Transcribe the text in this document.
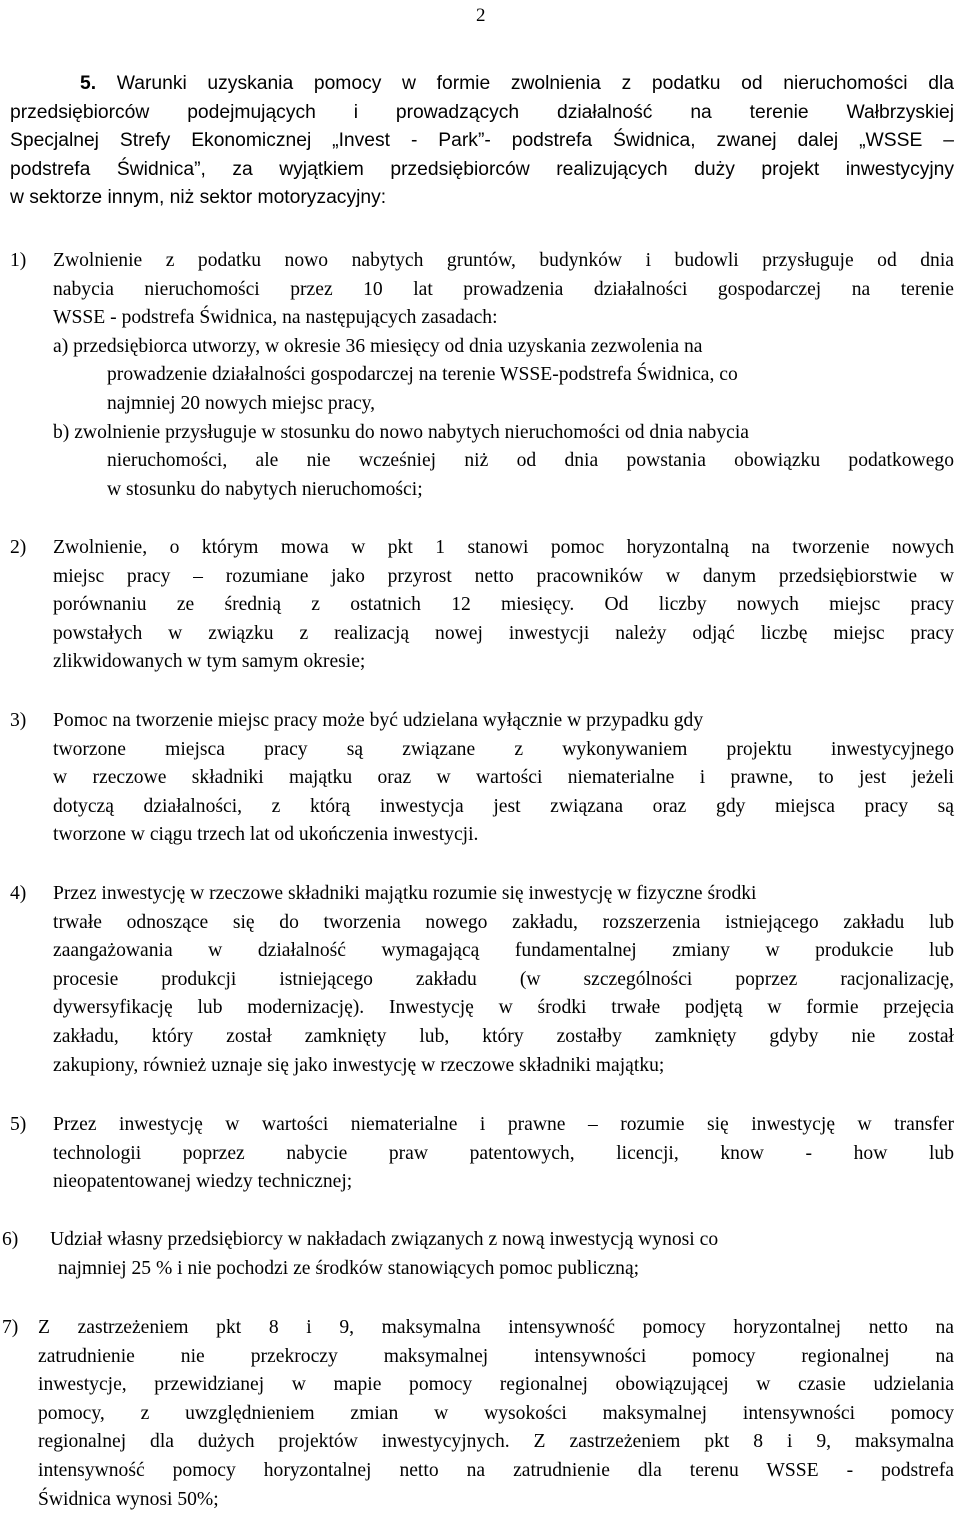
2
5. Warunki uzyskania pomocy w formie zwolnienia z podatku od nieruchomości dla
przedsiębiorców podejmujących i prowadzących działalność na terenie Wałbrzyskiej
Specjalnej Strefy Ekonomicznej „Invest - Park”- podstrefa Świdnica, zwanej dalej „WSSE –
podstrefa Świdnica”, za wyjątkiem przedsiębiorców realizujących duży projekt inwestycyjny
w sektorze innym, niż sektor motoryzacyjny:
1) Zwolnienie z podatku nowo nabytych gruntów, budynków i budowli przysługuje od dnia
nabycia nieruchomości przez 10 lat prowadzenia działalności gospodarczej na terenie
WSSE - podstrefa Świdnica, na następujących zasadach:
a) przedsiębiorca utworzy, w okresie 36 miesięcy od dnia uzyskania zezwolenia na
prowadzenie działalności gospodarczej na terenie WSSE-podstrefa Świdnica, co
najmniej 20 nowych miejsc pracy,
b) zwolnienie przysługuje w stosunku do nowo nabytych nieruchomości od dnia nabycia
nieruchomości, ale nie wcześniej niż od dnia powstania obowiązku podatkowego
w stosunku do nabytych nieruchomości;
2) Zwolnienie, o którym mowa w pkt 1 stanowi pomoc horyzontalną na tworzenie nowych
miejsc pracy – rozumiane jako przyrost netto pracowników w danym przedsiębiorstwie w
porównaniu ze średnią z ostatnich 12 miesięcy. Od liczby nowych miejsc pracy
powstałych w związku z realizacją nowej inwestycji należy odjąć liczbę miejsc pracy
zlikwidowanych w tym samym okresie;
3) Pomoc na tworzenie miejsc pracy może być udzielana wyłącznie w przypadku gdy
tworzone miejsca pracy są związane z wykonywaniem projektu inwestycyjnego
w rzeczowe składniki majątku oraz w wartości niematerialne i prawne, to jest jeżeli
dotyczą działalności, z którą inwestycja jest związana oraz gdy miejsca pracy są
tworzone w ciągu trzech lat od ukończenia inwestycji.
4) Przez inwestycję w rzeczowe składniki majątku rozumie się inwestycję w fizyczne środki
trwałe odnoszące się do tworzenia nowego zakładu, rozszerzenia istniejącego zakładu lub
zaangażowania w działalność wymagającą fundamentalnej zmiany w produkcie lub
procesie produkcji istniejącego zakładu (w szczególności poprzez racjonalizację,
dywersyfikację lub modernizację). Inwestycję w środki trwałe podjętą w formie przejęcia
zakładu, który został zamknięty lub, który zostałby zamknięty gdyby nie został
zakupiony, również uznaje się jako inwestycję w rzeczowe składniki majątku;
5) Przez inwestycję w wartości niematerialne i prawne – rozumie się inwestycję w transfer
technologii poprzez nabycie praw patentowych, licencji, know - how lub
nieopatentowanej wiedzy technicznej;
6) Udział własny przedsiębiorcy w nakładach związanych z nową inwestycją wynosi co
najmniej 25 % i nie pochodzi ze środków stanowiących pomoc publiczną;
7) Z zastrzeżeniem pkt 8 i 9, maksymalna intensywność pomocy horyzontalnej netto na
zatrudnienie nie przekroczy maksymalnej intensywności pomocy regionalnej na
inwestycje, przewidzianej w mapie pomocy regionalnej obowiązującej w czasie udzielania
pomocy, z uwzględnieniem zmian w wysokości maksymalnej intensywności pomocy
regionalnej dla dużych projektów inwestycyjnych. Z zastrzeżeniem pkt 8 i 9, maksymalna
intensywność pomocy horyzontalnej netto na zatrudnienie dla terenu WSSE - podstrefa
Świdnica wynosi 50%;
